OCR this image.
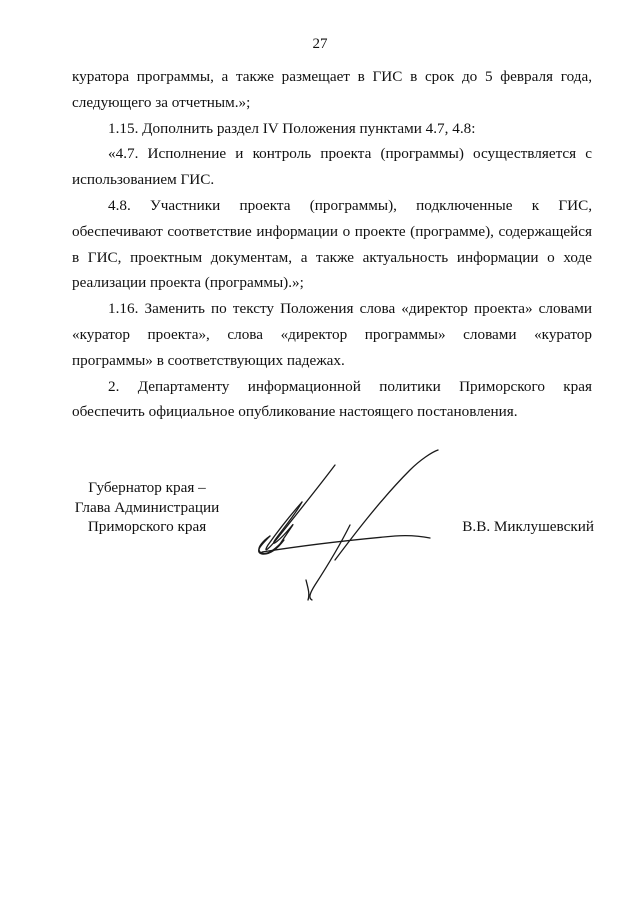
27

куратора программы, а также размещает в ГИС в срок до 5 февраля года, следующего за отчетным.»;

1.15. Дополнить раздел IV Положения пунктами 4.7, 4.8:

«4.7. Исполнение и контроль проекта (программы) осуществляется с использованием ГИС.

4.8. Участники проекта (программы), подключенные к ГИС, обеспечивают соответствие информации о проекте (программе), содержащейся в ГИС, проектным документам, а также актуальность информации о ходе реализации проекта (программы).»;

1.16. Заменить по тексту Положения слова «директор проекта» словами «куратор проекта», слова «директор программы» словами «куратор программы» в соответствующих падежах.

2. Департаменту информационной политики Приморского края обеспечить официальное опубликование настоящего постановления.

Губернатор края –
Глава Администрации
Приморского края	В.В. Миклушевский
